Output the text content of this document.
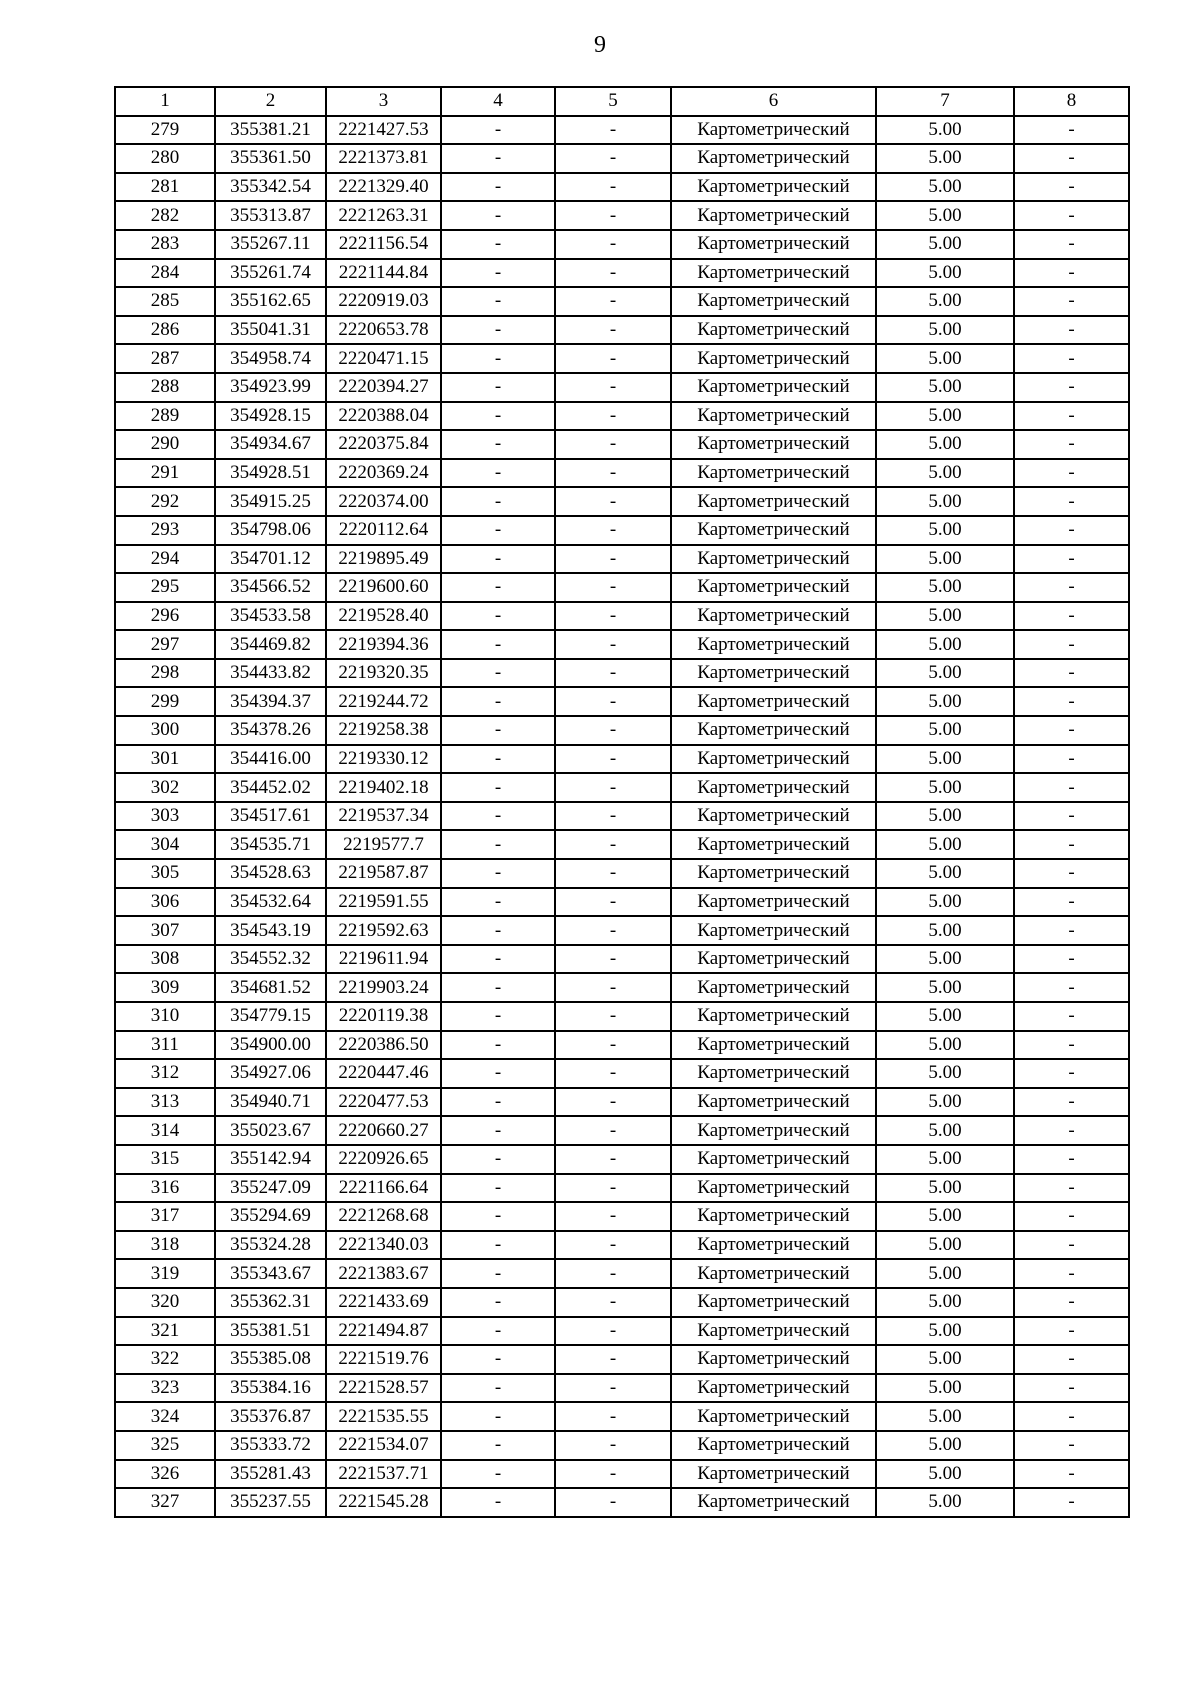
9
1	2	3	4	5	6	7	8
279	355381.21	2221427.53	-	-	Картометрический	5.00	-
280	355361.50	2221373.81	-	-	Картометрический	5.00	-
281	355342.54	2221329.40	-	-	Картометрический	5.00	-
282	355313.87	2221263.31	-	-	Картометрический	5.00	-
283	355267.11	2221156.54	-	-	Картометрический	5.00	-
284	355261.74	2221144.84	-	-	Картометрический	5.00	-
285	355162.65	2220919.03	-	-	Картометрический	5.00	-
286	355041.31	2220653.78	-	-	Картометрический	5.00	-
287	354958.74	2220471.15	-	-	Картометрический	5.00	-
288	354923.99	2220394.27	-	-	Картометрический	5.00	-
289	354928.15	2220388.04	-	-	Картометрический	5.00	-
290	354934.67	2220375.84	-	-	Картометрический	5.00	-
291	354928.51	2220369.24	-	-	Картометрический	5.00	-
292	354915.25	2220374.00	-	-	Картометрический	5.00	-
293	354798.06	2220112.64	-	-	Картометрический	5.00	-
294	354701.12	2219895.49	-	-	Картометрический	5.00	-
295	354566.52	2219600.60	-	-	Картометрический	5.00	-
296	354533.58	2219528.40	-	-	Картометрический	5.00	-
297	354469.82	2219394.36	-	-	Картометрический	5.00	-
298	354433.82	2219320.35	-	-	Картометрический	5.00	-
299	354394.37	2219244.72	-	-	Картометрический	5.00	-
300	354378.26	2219258.38	-	-	Картометрический	5.00	-
301	354416.00	2219330.12	-	-	Картометрический	5.00	-
302	354452.02	2219402.18	-	-	Картометрический	5.00	-
303	354517.61	2219537.34	-	-	Картометрический	5.00	-
304	354535.71	2219577.7	-	-	Картометрический	5.00	-
305	354528.63	2219587.87	-	-	Картометрический	5.00	-
306	354532.64	2219591.55	-	-	Картометрический	5.00	-
307	354543.19	2219592.63	-	-	Картометрический	5.00	-
308	354552.32	2219611.94	-	-	Картометрический	5.00	-
309	354681.52	2219903.24	-	-	Картометрический	5.00	-
310	354779.15	2220119.38	-	-	Картометрический	5.00	-
311	354900.00	2220386.50	-	-	Картометрический	5.00	-
312	354927.06	2220447.46	-	-	Картометрический	5.00	-
313	354940.71	2220477.53	-	-	Картометрический	5.00	-
314	355023.67	2220660.27	-	-	Картометрический	5.00	-
315	355142.94	2220926.65	-	-	Картометрический	5.00	-
316	355247.09	2221166.64	-	-	Картометрический	5.00	-
317	355294.69	2221268.68	-	-	Картометрический	5.00	-
318	355324.28	2221340.03	-	-	Картометрический	5.00	-
319	355343.67	2221383.67	-	-	Картометрический	5.00	-
320	355362.31	2221433.69	-	-	Картометрический	5.00	-
321	355381.51	2221494.87	-	-	Картометрический	5.00	-
322	355385.08	2221519.76	-	-	Картометрический	5.00	-
323	355384.16	2221528.57	-	-	Картометрический	5.00	-
324	355376.87	2221535.55	-	-	Картометрический	5.00	-
325	355333.72	2221534.07	-	-	Картометрический	5.00	-
326	355281.43	2221537.71	-	-	Картометрический	5.00	-
327	355237.55	2221545.28	-	-	Картометрический	5.00	-
